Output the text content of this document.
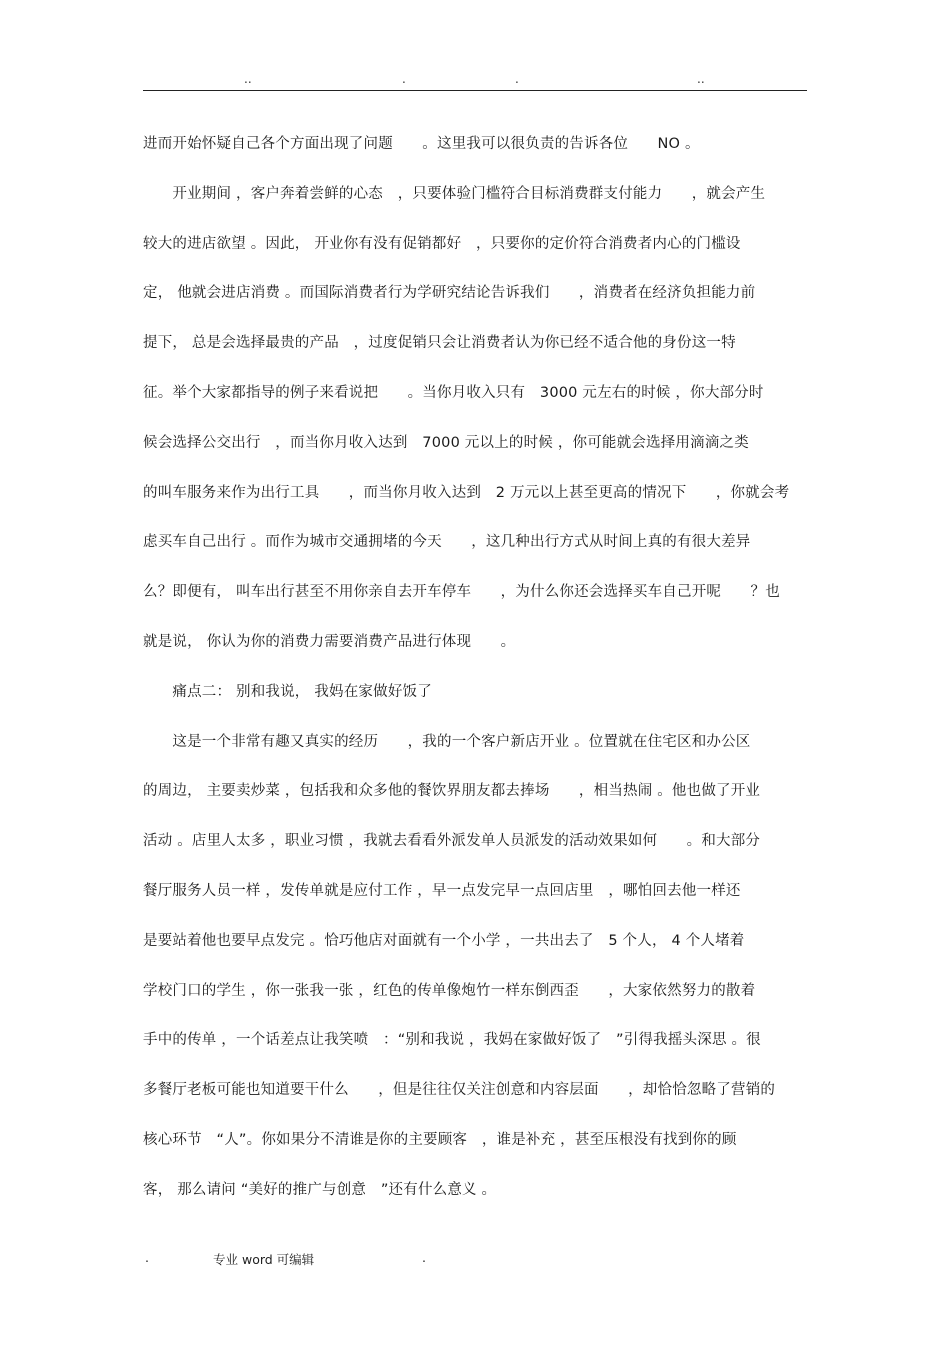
..	.	.	..
进而开始怀疑自己各个方面出现了问题　　。这里我可以很负责的告诉各位　　NO 。
　　开业期间 ，客户奔着尝鲜的心态　，只要体验门槛符合目标消费群支付能力　　，就会产生
较大的进店欲望 。因此， 开业你有没有促销都好　，只要你的定价符合消费者内心的门槛设
定， 他就会进店消费 。而国际消费者行为学研究结论告诉我们　　，消费者在经济负担能力前
提下， 总是会选择最贵的产品　，过度促销只会让消费者认为你已经不适合他的身份这一特
征。举个大家都指导的例子来看说把　　。当你月收入只有　3000 元左右的时候 ，你大部分时
候会选择公交出行　，而当你月收入达到　7000 元以上的时候 ，你可能就会选择用滴滴之类
的叫车服务来作为出行工具　　，而当你月收入达到　2 万元以上甚至更高的情况下　　，你就会考
虑买车自己出行 。而作为城市交通拥堵的今天　　，这几种出行方式从时间上真的有很大差异
么？即便有， 叫车出行甚至不用你亲自去开车停车　　，为什么你还会选择买车自己开呢　　？也
就是说， 你认为你的消费力需要消费产品进行体现　　。
　　痛点二： 别和我说， 我妈在家做好饭了
　　这是一个非常有趣又真实的经历　　，我的一个客户新店开业 。位置就在住宅区和办公区
的周边， 主要卖炒菜 ，包括我和众多他的餐饮界朋友都去捧场　　，相当热闹 。他也做了开业
活动 。店里人太多 ，职业习惯 ，我就去看看外派发单人员派发的活动效果如何　　。和大部分
餐厅服务人员一样 ，发传单就是应付工作 ，早一点发完早一点回店里　，哪怕回去他一样还
是要站着他也要早点发完 。恰巧他店对面就有一个小学 ，一共出去了　5 个人， 4 个人堵着
学校门口的学生 ，你一张我一张 ，红色的传单像炮竹一样东倒西歪　　，大家依然努力的散着
手中的传单 ，一个话差点让我笑喷　：“别和我说 ，我妈在家做好饭了　”引得我摇头深思 。很
多餐厅老板可能也知道要干什么　　，但是往往仅关注创意和内容层面　　，却恰恰忽略了营销的
核心环节　“人”。你如果分不清谁是你的主要顾客　，谁是补充 ，甚至压根没有找到你的顾
客， 那么请问 “美好的推广与创意　”还有什么意义 。
.	专业 word 可编辑	.
